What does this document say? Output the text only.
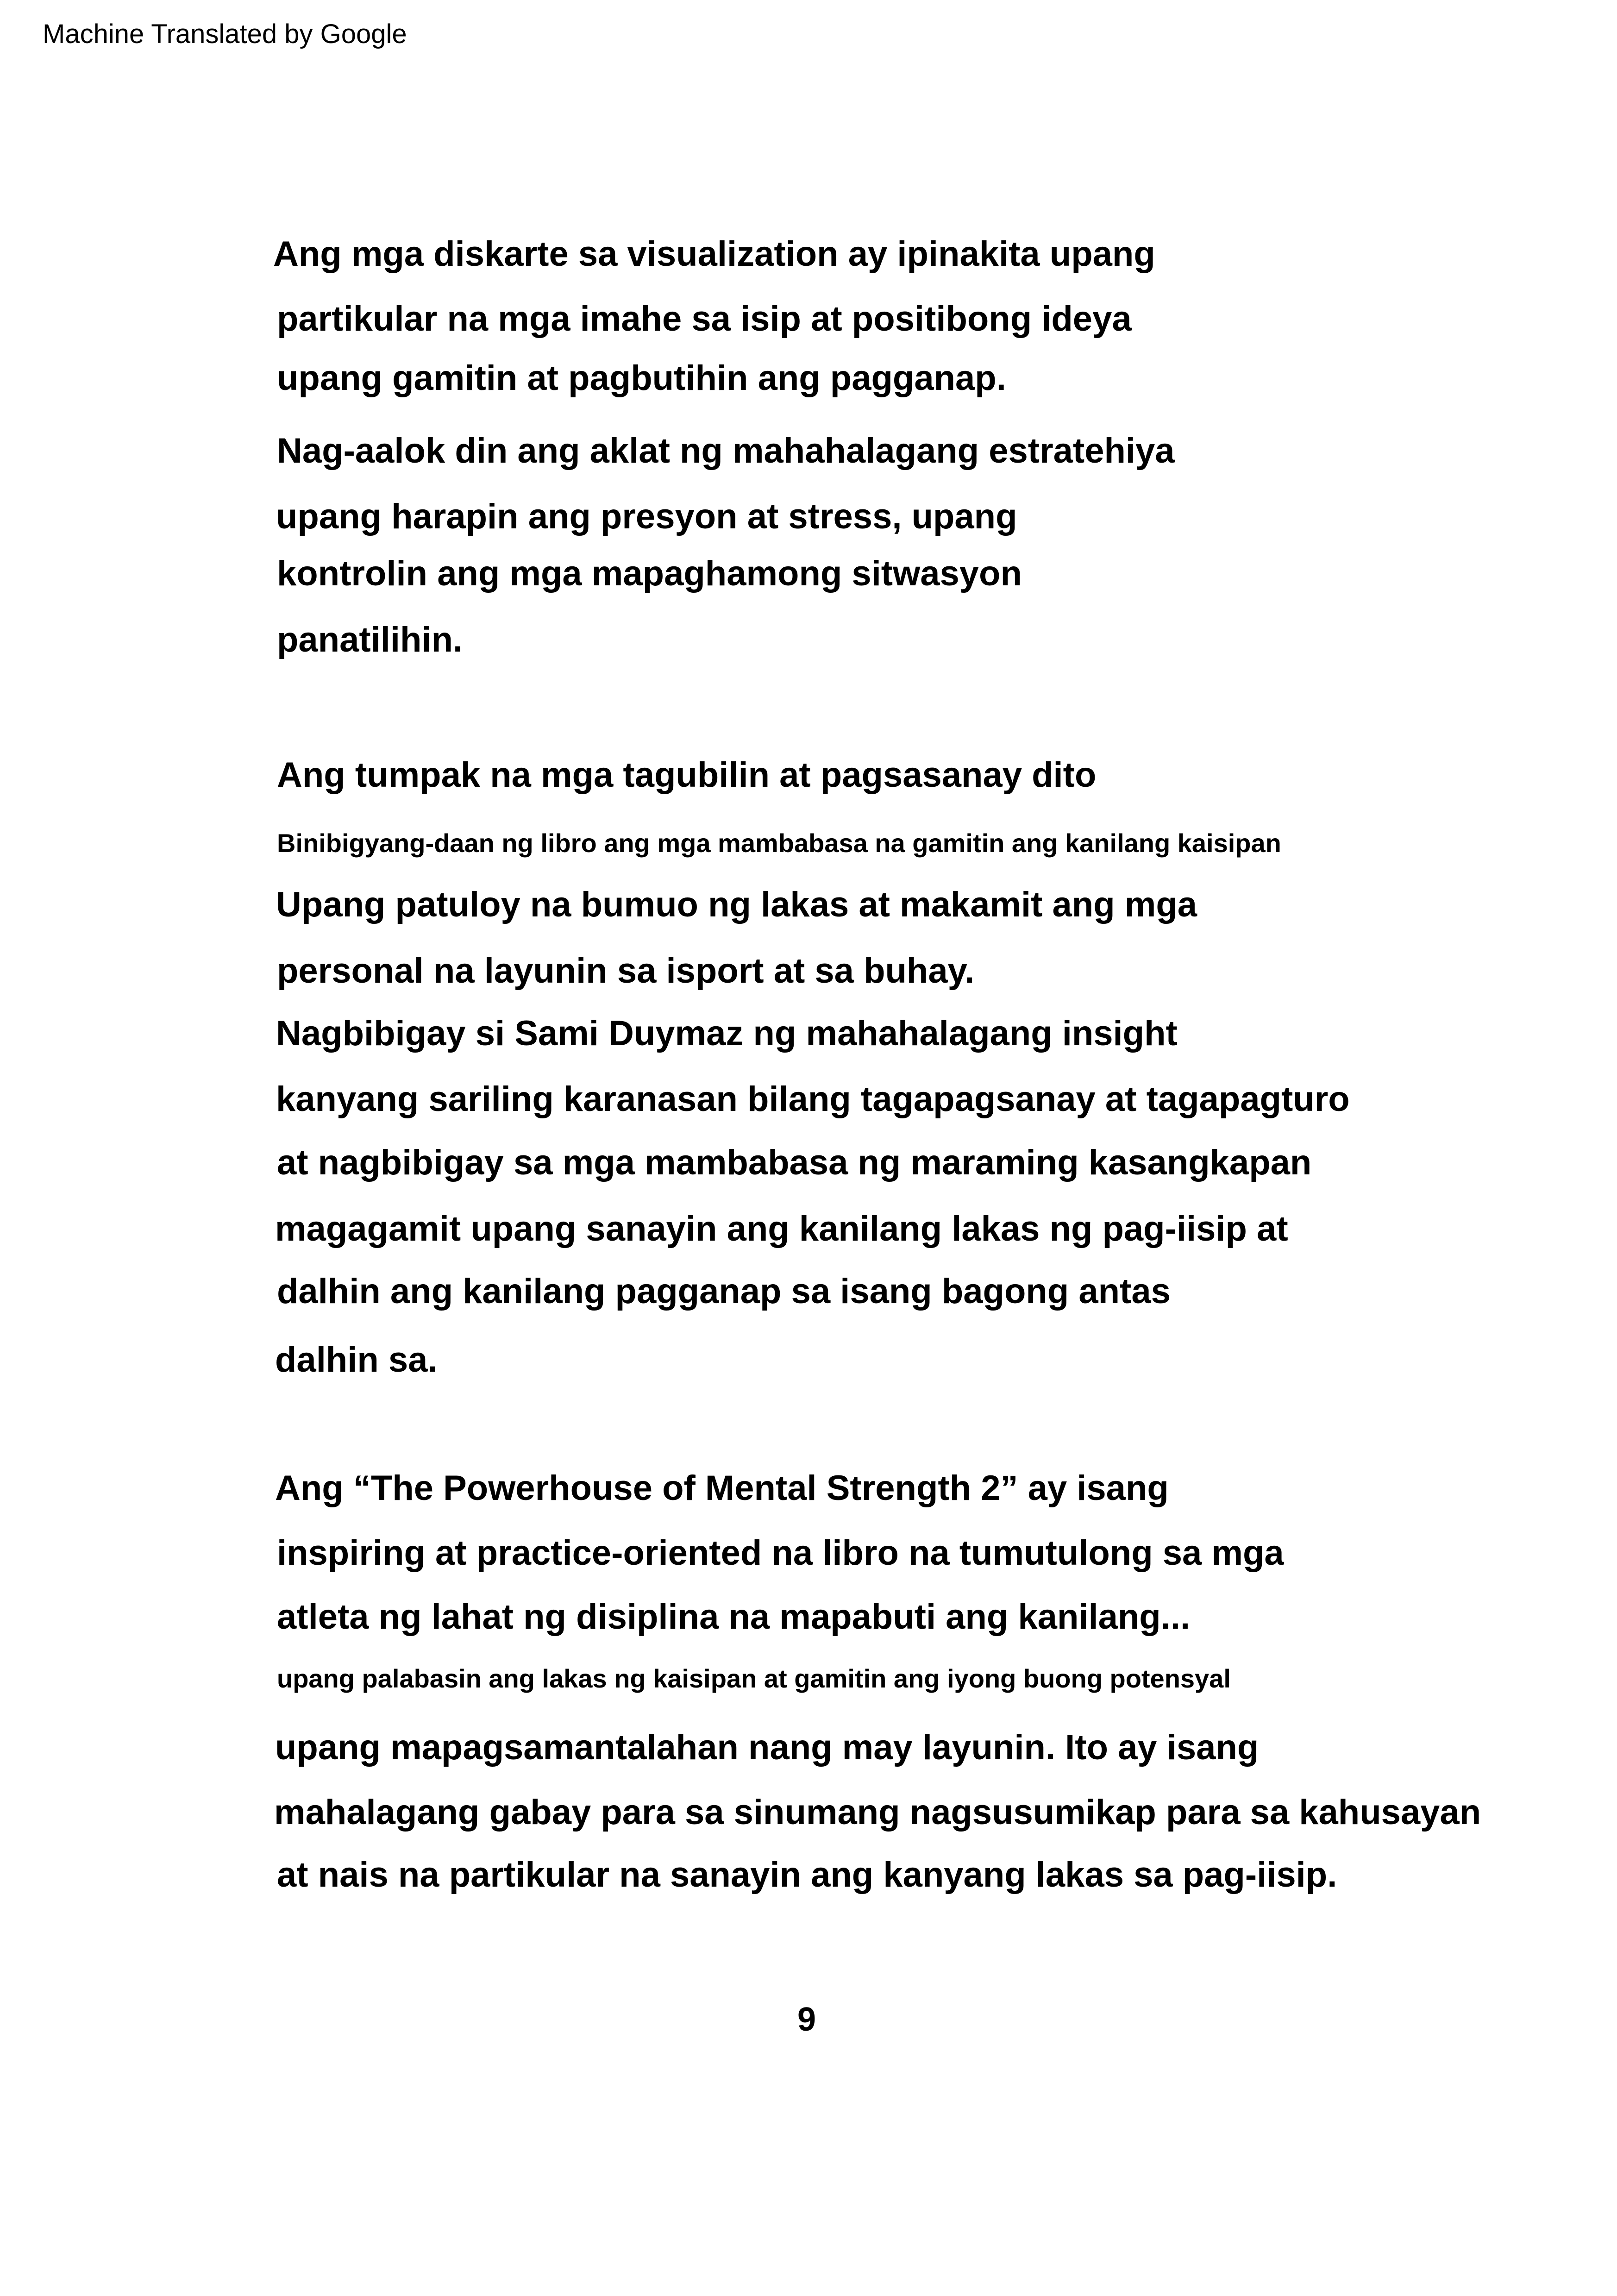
Machine Translated by Google
Ang mga diskarte sa visualization ay ipinakita upang
partikular na mga imahe sa isip at positibong ideya
upang gamitin at pagbutihin ang pagganap.
Nag-aalok din ang aklat ng mahahalagang estratehiya
upang harapin ang presyon at stress, upang
kontrolin ang mga mapaghamong sitwasyon
panatilihin.
Ang tumpak na mga tagubilin at pagsasanay dito
Binibigyang-daan ng libro ang mga mambabasa na gamitin ang kanilang kaisipan
Upang patuloy na bumuo ng lakas at makamit ang mga
personal na layunin sa isport at sa buhay.
Nagbibigay si Sami Duymaz ng mahahalagang insight
kanyang sariling karanasan bilang tagapagsanay at tagapagturo
at nagbibigay sa mga mambabasa ng maraming kasangkapan
magagamit upang sanayin ang kanilang lakas ng pag-iisip at
dalhin ang kanilang pagganap sa isang bagong antas
dalhin sa.
Ang “The Powerhouse of Mental Strength 2” ay isang
inspiring at practice-oriented na libro na tumutulong sa mga
atleta ng lahat ng disiplina na mapabuti ang kanilang...
upang palabasin ang lakas ng kaisipan at gamitin ang iyong buong potensyal
upang mapagsamantalahan nang may layunin. Ito ay isang
mahalagang gabay para sa sinumang nagsusumikap para sa kahusayan
at nais na partikular na sanayin ang kanyang lakas sa pag-iisip.
9
